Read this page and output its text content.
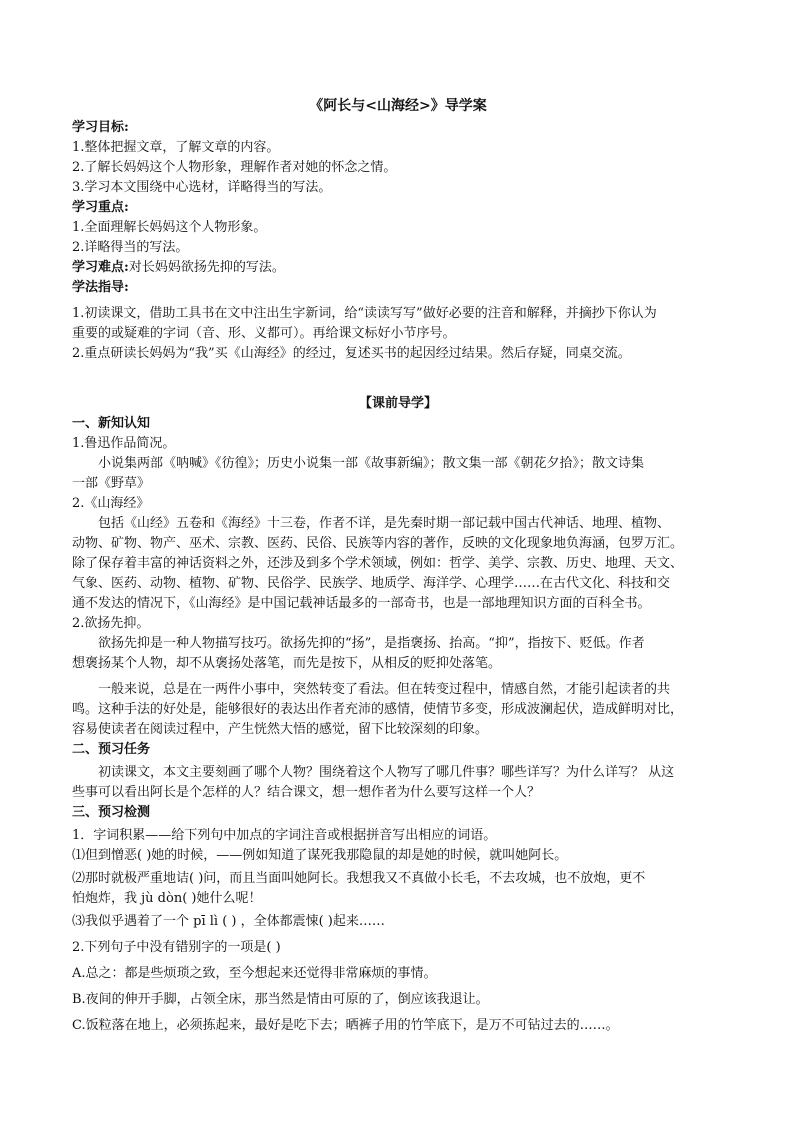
《阿长与<山海经>》导学案

学习目标:

1.整体把握文章，了解文章的内容。

2.了解长妈妈这个人物形象，理解作者对她的怀念之情。

3.学习本文围绕中心选材，详略得当的写法。

学习重点:

1.全面理解长妈妈这个人物形象。

2.详略得当的写法。

学习难点:对长妈妈欲扬先抑的写法。

学法指导:

1.初读课文，借助工具书在文中注出生字新词，给“读读写写”做好必要的注音和解释，并摘抄下你认为

重要的或疑难的字词（音、形、义都可）。再给课文标好小节序号。

2.重点研读长妈妈为“我”买《山海经》的经过，复述买书的起因经过结果。然后存疑，同桌交流。

【课前导学】

一、新知认知

1.鲁迅作品简况。

小说集两部《呐喊》《彷徨》；历史小说集一部《故事新编》；散文集一部《朝花夕拾》；散文诗集

一部《野草》

2.《山海经》

包括《山经》五卷和《海经》十三卷，作者不详，是先秦时期一部记载中国古代神话、地理、植物、

动物、矿物、物产、巫术、宗教、医药、民俗、民族等内容的著作，反映的文化现象地负海涵，包罗万汇。

除了保存着丰富的神话资料之外，还涉及到多个学术领域，例如：哲学、美学、宗教、历史、地理、天文、

气象、医药、动物、植物、矿物、民俗学、民族学、地质学、海洋学、心理学……在古代文化、科技和交

通不发达的情况下，《山海经》是中国记载神话最多的一部奇书，也是一部地理知识方面的百科全书。

2.欲扬先抑。

欲扬先抑是一种人物描写技巧。欲扬先抑的“扬”，是指褒扬、抬高。“抑”，指按下、贬低。作者

想褒扬某个人物，却不从褒扬处落笔，而先是按下，从相反的贬抑处落笔。

一般来说，总是在一两件小事中，突然转变了看法。但在转变过程中，情感自然，才能引起读者的共

鸣。这种手法的好处是，能够很好的表达出作者充沛的感情，使情节多变，形成波澜起伏，造成鲜明对比，

容易使读者在阅读过程中，产生恍然大悟的感觉，留下比较深刻的印象。

二、预习任务

初读课文，本文主要刻画了哪个人物？围绕着这个人物写了哪几件事？哪些详写？为什么详写？ 从这

些事可以看出阿长是个怎样的人？结合课文，想一想作者为什么要写这样一个人？

三、预习检测

1．字词积累——给下列句中加点的字词注音或根据拼音写出相应的词语。

⑴但到憎恶( )她的时候，——例如知道了谋死我那隐鼠的却是她的时候，就叫她阿长。

⑵那时就极严重地诘( )问，而且当面叫她阿长。我想我又不真做小长毛，不去攻城，也不放炮，更不

怕炮炸，我 jù dòn( )她什么呢！

⑶我似乎遇着了一个 pī lì ( ) ，全体都震悚( )起来……

2.下列句子中没有错别字的一项是( )

A.总之：都是些烦琐之致，至今想起来还觉得非常麻烦的事情。

B.夜间的伸开手脚，占领全床，那当然是情由可原的了，倒应该我退让。

C.饭粒落在地上，必须拣起来，最好是吃下去；晒裤子用的竹竿底下，是万不可钻过去的……。
